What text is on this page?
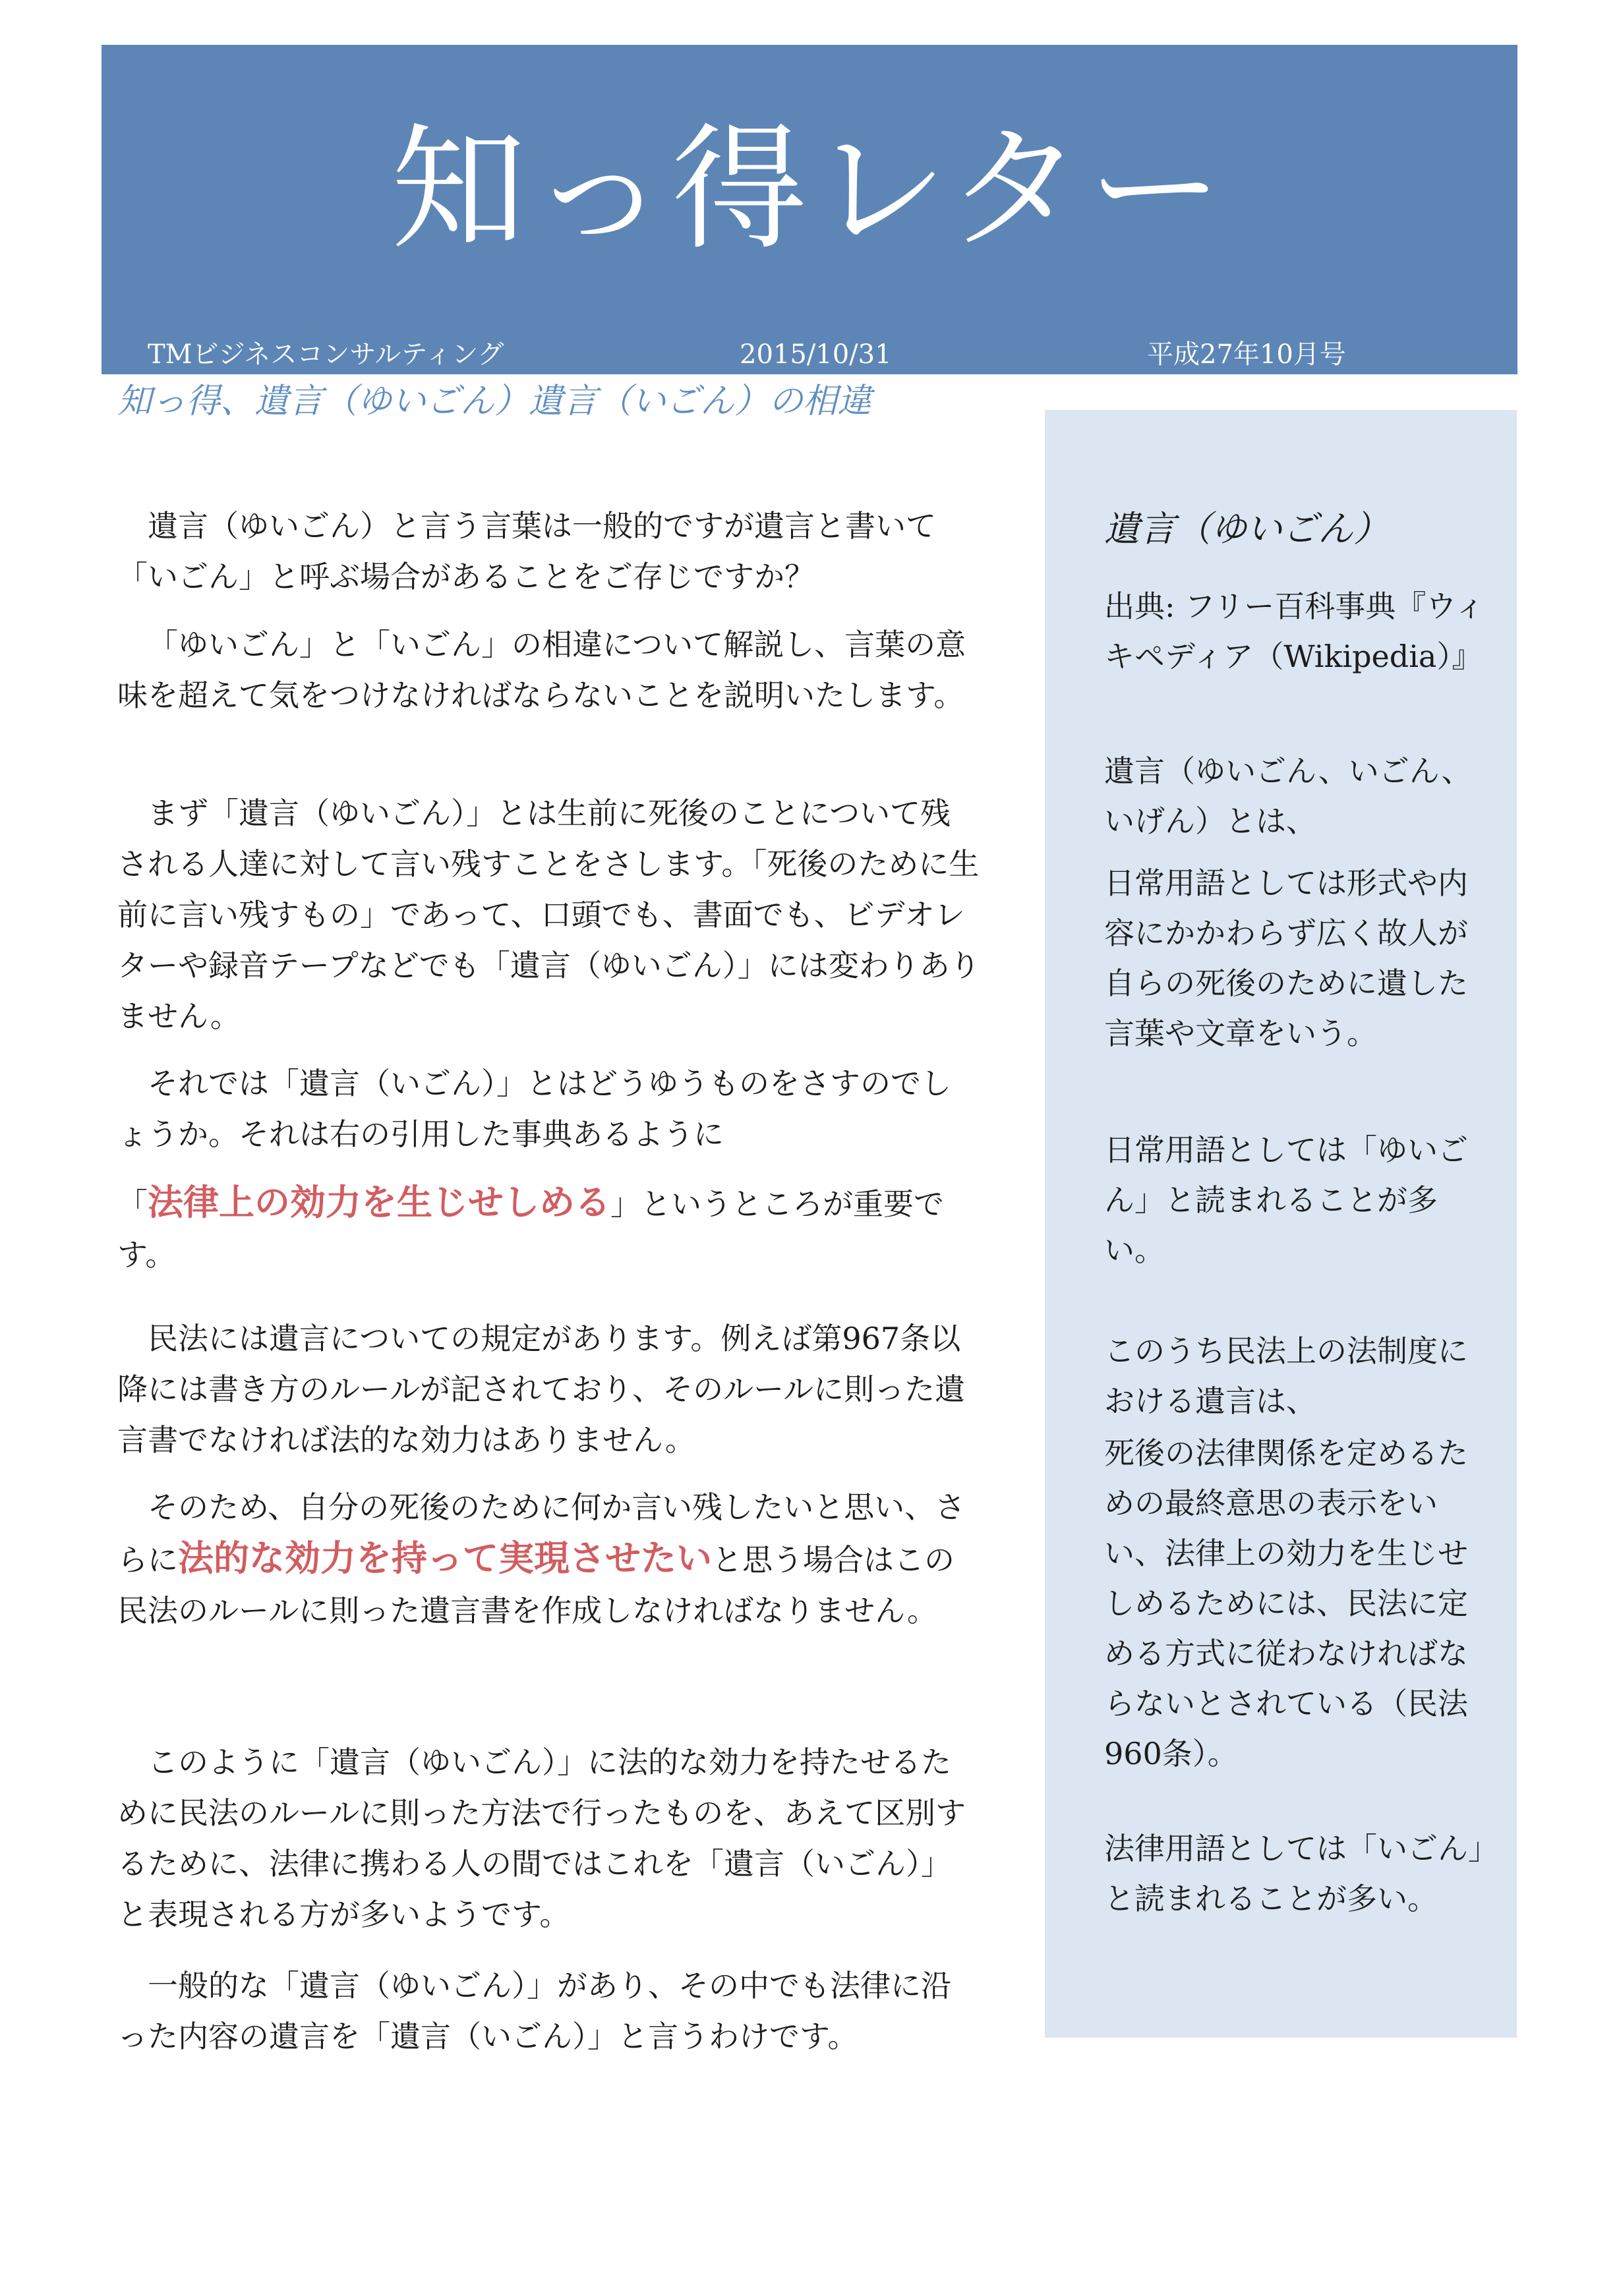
知っ得レター
TMビジネスコンサルティング	2015/10/31	平成27年10月号
知っ得、遺言（ゆいごん）遺言（いごん）の相違
遺言（ゆいごん）

出典: フリー百科事典『ウィキペディア（Wikipedia）』

遺言（ゆいごん、いごん、いげん）とは、

日常用語としては形式や内容にかかわらず広く故人が自らの死後のために遺した言葉や文章をいう。

日常用語としては「ゆいごん」と読まれることが多い。

このうち民法上の法制度における遺言は、

死後の法律関係を定めるための最終意思の表示をいい、法律上の効力を生じせしめるためには、民法に定める方式に従わなければならないとされている（民法960条）。

法律用語としては「いごん」と読まれることが多い。

遺言（ゆいごん）と言う言葉は一般的ですが遺言と書いて「いごん」と呼ぶ場合があることをご存じですか？

「ゆいごん」と「いごん」の相違について解説し、言葉の意味を超えて気をつけなければならないことを説明いたします。

まず「遺言（ゆいごん）」とは生前に死後のことについて残される人達に対して言い残すことをさします。「死後のために生前に言い残すもの」であって、口頭でも、書面でも、ビデオレターや録音テープなどでも「遺言（ゆいごん）」には変わりありません。

それでは「遺言（いごん）」とはどうゆうものをさすのでしょうか。それは右の引用した事典あるように

「法律上の効力を生じせしめる」というところが重要です。

民法には遺言についての規定があります。例えば第967条以降には書き方のルールが記されており、そのルールに則った遺言書でなければ法的な効力はありません。

そのため、自分の死後のために何か言い残したいと思い、さらに法的な効力を持って実現させたいと思う場合はこの民法のルールに則った遺言書を作成しなければなりません。

このように「遺言（ゆいごん）」に法的な効力を持たせるために民法のルールに則った方法で行ったものを、あえて区別するために、法律に携わる人の間ではこれを「遺言（いごん）」と表現される方が多いようです。

一般的な「遺言（ゆいごん）」があり、その中でも法律に沿った内容の遺言を「遺言（いごん）」と言うわけです。
